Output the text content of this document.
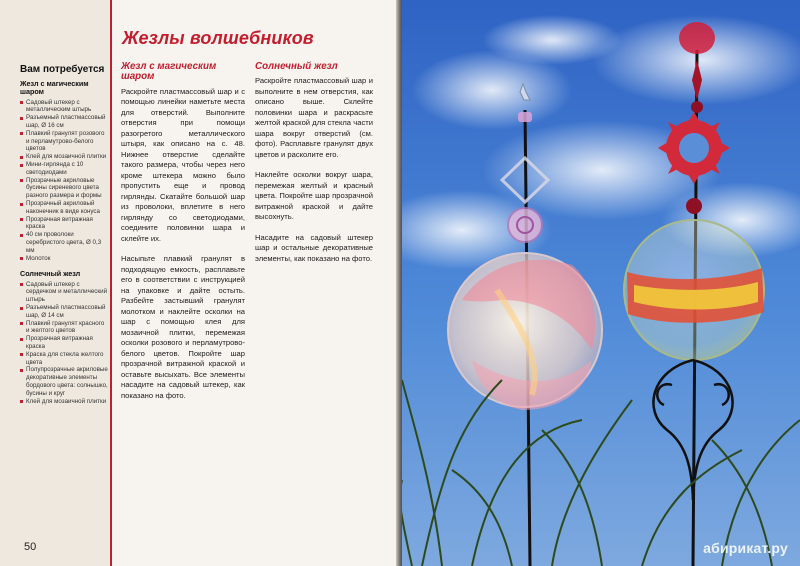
Вам потребуется
Жезл с магическим шаром
Садовый штекер с металлическим штырь
Разъемный пластмассовый шар, Ø 16 см
Плавкий гранулят розового и перламутрово-белого цветов
Клей для мозаичной плитки
Мини-гирлянда с 10 светодиодами
Прозрачные акриловые бусины сиреневого цвета разного размера и формы
Прозрачный акриловый наконечник в виде конуса
Прозрачная витражная краска
40 см проволоки серебристого цвета, Ø 0,3 мм
Молоток
Солнечный жезл
Садовый штекер с сердечком и металлический штырь
Разъемный пластмассовый шар, Ø 14 см
Плавкий гранулят красного и желтого цветов
Прозрачная витражная краска
Краска для стекла желтого цвета
Полупрозрачные акриловые декоративные элементы бордового цвета: солнышко, бусины и круг
Клей для мозаичной плитки
50
Жезлы волшебников
Жезл с магическим шаром

Раскройте пластмассовый шар и с помощью линейки наметьте места для отверстий. Выполните отверстия при помощи разогретого металлического штыря, как описано на с. 48. Нижнее отверстие сделайте такого размера, чтобы через него кроме штекера можно было пропустить еще и провод гирлянды. Скатайте большой шар из проволоки, вплетите в него гирлянду со светодиодами, соедините половинки шара и склейте их.

Насыпьте плавкий гранулят в подходящую емкость, расплавьте его в соответствии с инструкцией на упаковке и дайте остыть. Разбейте застывший гранулят молотком и наклейте осколки на шар с помощью клея для мозаичной плитки, перемежая осколки розового и перламутрово-белого цветов. Покройте шар прозрачной витражной краской и оставьте высыхать. Все элементы насадите на садовый штекер, как показано на фото.

Солнечный жезл

Раскройте пластмассовый шар и выполните в нем отверстия, как описано выше. Склейте половинки шара и раскрасьте желтой краской для стекла части шара вокруг отверстий (см. фото). Расплавьте гранулят двух цветов и расколите его.

Наклейте осколки вокруг шара, перемежая желтый и красный цвета. Покройте шар прозрачной витражной краской и дайте высохнуть.

Насадите на садовый штекер шар и остальные декоративные элементы, как показано на фото.

абирикат.ру
